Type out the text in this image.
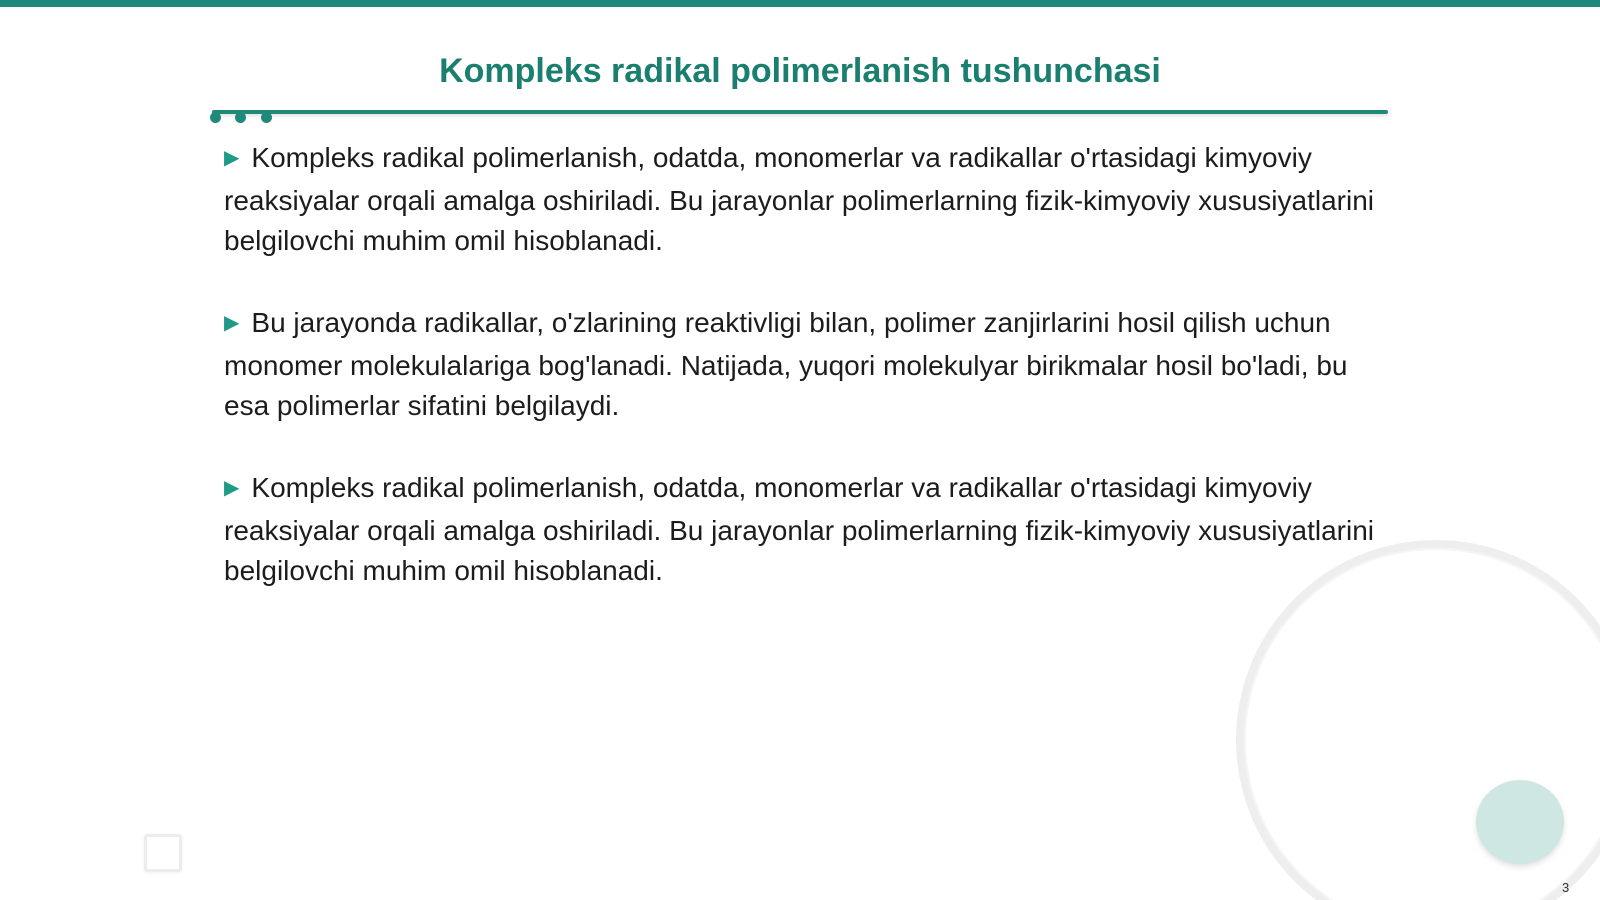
Kompleks radikal polimerlanish tushunchasi

▶ Kompleks radikal polimerlanish, odatda, monomerlar va radikallar o'rtasidagi kimyoviy reaksiyalar orqali amalga oshiriladi. Bu jarayonlar polimerlarning fizik-kimyoviy xususiyatlarini belgilovchi muhim omil hisoblanadi.

▶ Bu jarayonda radikallar, o'zlarining reaktivligi bilan, polimer zanjirlarini hosil qilish uchun monomer molekulalariga bog'lanadi. Natijada, yuqori molekulyar birikmalar hosil bo'ladi, bu esa polimerlar sifatini belgilaydi.

▶ Kompleks radikal polimerlanish, odatda, monomerlar va radikallar o'rtasidagi kimyoviy reaksiyalar orqali amalga oshiriladi. Bu jarayonlar polimerlarning fizik-kimyoviy xususiyatlarini belgilovchi muhim omil hisoblanadi.

3
